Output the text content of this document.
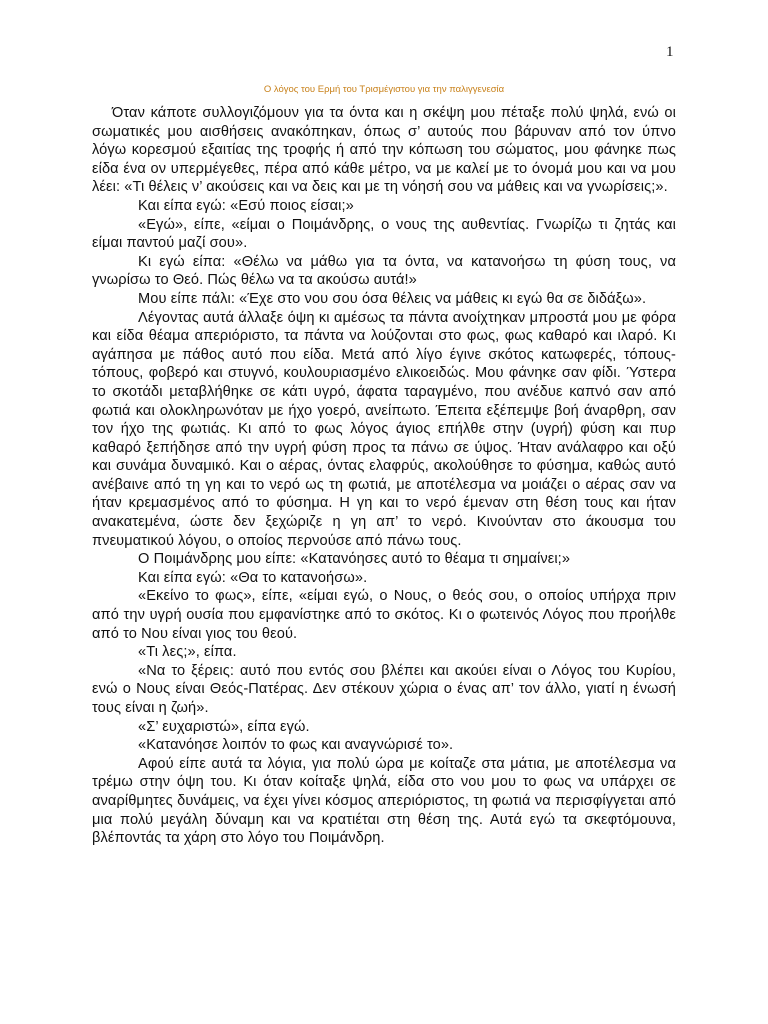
1
Ο λόγος του Ερμή του Τρισμέγιστου για την παλιγγενεσία

Όταν κάποτε συλλογιζόμουν για τα όντα και η σκέψη μου πέταξε πολύ ψηλά, ενώ οι σωματικές μου αισθήσεις ανακόπηκαν, όπως σ’ αυτούς που βάρυναν από τον ύπνο λόγω κορεσμού εξαιτίας της τροφής ή από την κόπωση του σώματος, μου φάνηκε πως είδα ένα ον υπερμέγεθες, πέρα από κάθε μέτρο, να με καλεί με το όνομά μου και να μου λέει: «Τι θέλεις ν’ ακούσεις και να δεις και με τη νόησή σου να μάθεις και να γνωρίσεις;».

Και είπα εγώ: «Εσύ ποιος είσαι;»

«Εγώ», είπε, «είμαι ο Ποιμάνδρης, ο νους της αυθεντίας. Γνωρίζω τι ζητάς και είμαι παντού μαζί σου».

Κι εγώ είπα: «Θέλω να μάθω για τα όντα, να κατανοήσω τη φύση τους, να γνωρίσω το Θεό. Πώς θέλω να τα ακούσω αυτά!»

Μου είπε πάλι: «Έχε στο νου σου όσα θέλεις να μάθεις κι εγώ θα σε διδάξω».

Λέγοντας αυτά άλλαξε όψη κι αμέσως τα πάντα ανοίχτηκαν μπροστά μου με φόρα και είδα θέαμα απεριόριστο, τα πάντα να λούζονται στο φως, φως καθαρό και ιλαρό. Κι αγάπησα με πάθος αυτό που είδα. Μετά από λίγο έγινε σκότος κατωφερές, τόπους-τόπους, φοβερό και στυγνό, κουλουριασμένο ελικοειδώς. Μου φάνηκε σαν φίδι. Ύστερα το σκοτάδι μεταβλήθηκε σε κάτι υγρό, άφατα ταραγμένο, που ανέδυε καπνό σαν από φωτιά και ολοκληρωνόταν με ήχο γοερό, ανείπωτο. Έπειτα εξέπεμψε βοή άναρθρη, σαν τον ήχο της φωτιάς. Κι από το φως λόγος άγιος επήλθε στην (υγρή) φύση και πυρ καθαρό ξεπήδησε από την υγρή φύση προς τα πάνω σε ύψος. Ήταν ανάλαφρο και οξύ και συνάμα δυναμικό. Και ο αέρας, όντας ελαφρύς, ακολούθησε το φύσημα, καθώς αυτό ανέβαινε από τη γη και το νερό ως τη φωτιά, με αποτέλεσμα να μοιάζει ο αέρας σαν να ήταν κρεμασμένος από το φύσημα. Η γη και το νερό έμεναν στη θέση τους και ήταν ανακατεμένα, ώστε δεν ξεχώριζε η γη απ’ το νερό. Κινούνταν στο άκουσμα του πνευματικού λόγου, ο οποίος περνούσε από πάνω τους.

Ο Ποιμάνδρης μου είπε: «Κατανόησες αυτό το θέαμα τι σημαίνει;»

Και είπα εγώ: «Θα το κατανοήσω».

«Εκείνο το φως», είπε, «είμαι εγώ, ο Νους, ο θεός σου, ο οποίος υπήρχα πριν από την υγρή ουσία που εμφανίστηκε από το σκότος. Κι ο φωτεινός Λόγος που προήλθε από το Νου είναι γιος του θεού.

«Τι λες;», είπα.

«Να το ξέρεις: αυτό που εντός σου βλέπει και ακούει είναι ο Λόγος του Κυρίου, ενώ ο Νους είναι Θεός-Πατέρας. Δεν στέκουν χώρια ο ένας απ’ τον άλλο, γιατί η ένωσή τους είναι η ζωή».

«Σ’ ευχαριστώ», είπα εγώ.

«Κατανόησε λοιπόν το φως και αναγνώρισέ το».

Αφού είπε αυτά τα λόγια, για πολύ ώρα με κοίταζε στα μάτια, με αποτέλεσμα να τρέμω στην όψη του. Κι όταν κοίταξε ψηλά, είδα στο νου μου το φως να υπάρχει σε αναρίθμητες δυνάμεις, να έχει γίνει κόσμος απεριόριστος, τη φωτιά να περισφίγγεται από μια πολύ μεγάλη δύναμη και να κρατιέται στη θέση της. Αυτά εγώ τα σκεφτόμουνα, βλέποντάς τα χάρη στο λόγο του Ποιμάνδρη.
